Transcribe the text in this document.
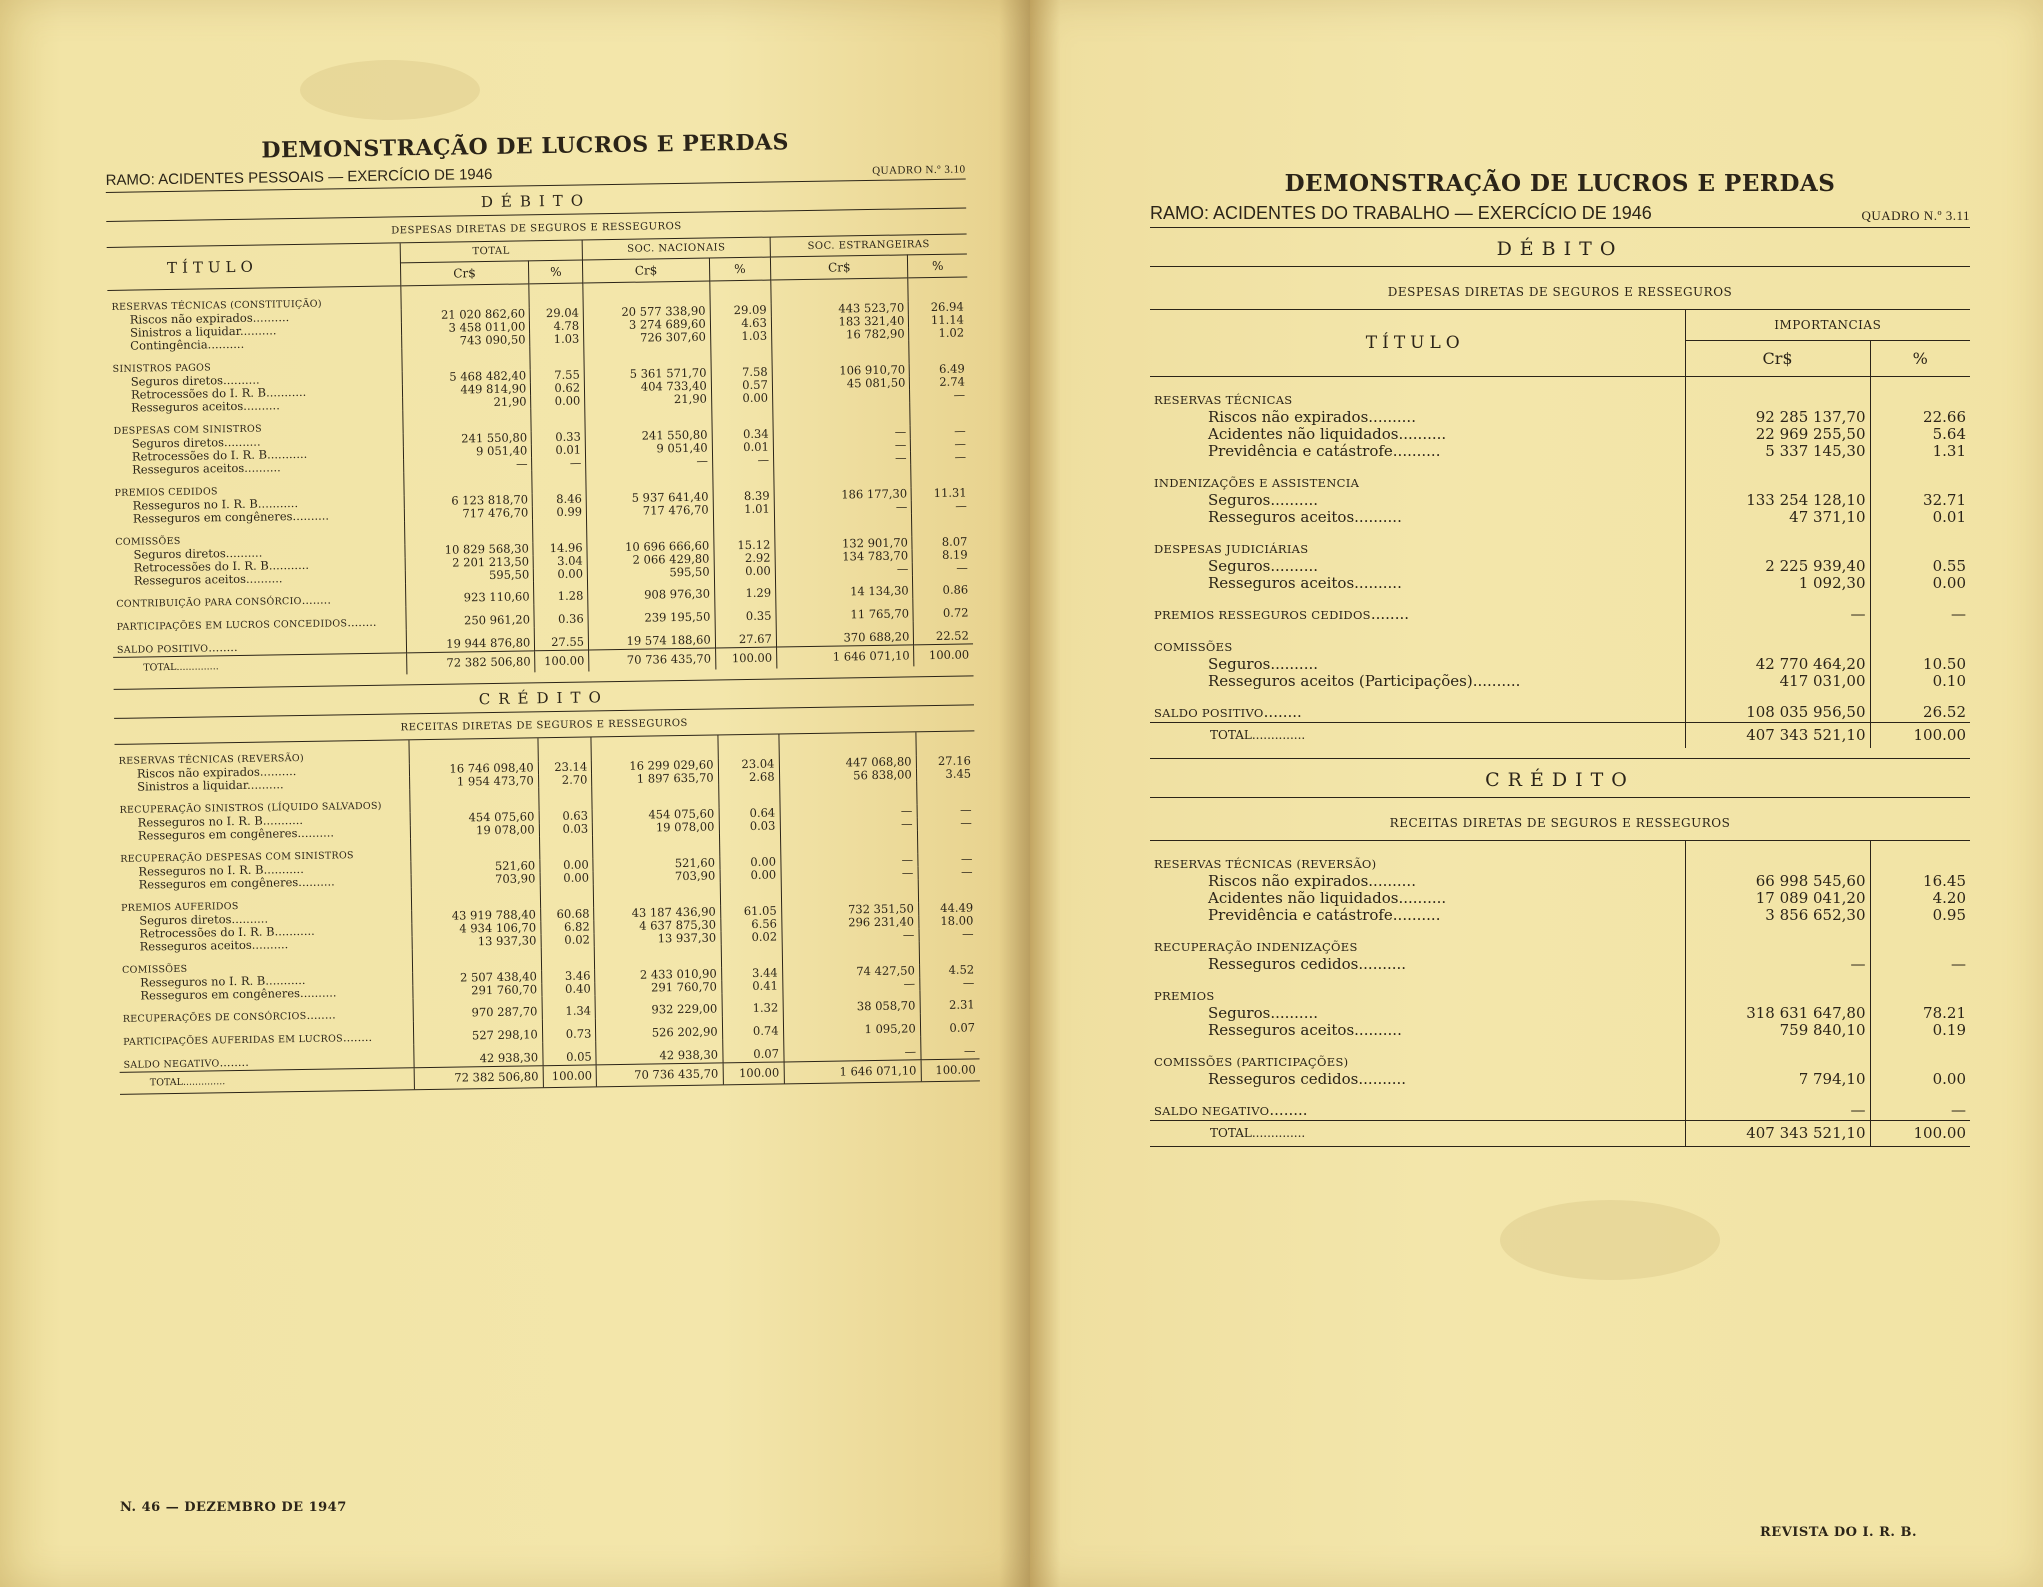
DEMONSTRAÇÃO DE LUCROS E PERDAS
RAMO: ACIDENTES PESSOAIS — EXERCÍCIO DE 1946	QUADRO N.º 3.10
DÉBITO
DESPESAS DIRETAS DE SEGUROS E RESSEGUROS
TÍTULO	TOTAL		SOC. NACIONAIS		SOC. ESTRANGEIRAS	
	Cr$	%	Cr$	%	Cr$	%
RESERVAS TÉCNICAS (CONSTITUIÇÃO)						
Riscos não expirados..........	21 020 862,60	29.04	20 577 338,90	29.09	443 523,70	26.94
Sinistros a liquidar..........	3 458 011,00	4.78	3 274 689,60	4.63	183 321,40	11.14
Contingência..........	743 090,50	1.03	726 307,60	1.03	16 782,90	1.02
SINISTROS PAGOS						
Seguros diretos..........	5 468 482,40	7.55	5 361 571,70	7.58	106 910,70	6.49
Retrocessões do I. R. B...........	449 814,90	0.62	404 733,40	0.57	45 081,50	2.74
Resseguros aceitos..........	21,90	0.00	21,90	0.00		—
DESPESAS COM SINISTROS						
Seguros diretos..........	241 550,80	0.33	241 550,80	0.34	—	—
Retrocessões do I. R. B...........	9 051,40	0.01	9 051,40	0.01	—	—
Resseguros aceitos..........	—	—	—	—	—	—
PREMIOS CEDIDOS						
Resseguros no I. R. B...........	6 123 818,70	8.46	5 937 641,40	8.39	186 177,30	11.31
Resseguros em congêneres..........	717 476,70	0.99	717 476,70	1.01	—	—
COMISSÕES						
Seguros diretos..........	10 829 568,30	14.96	10 696 666,60	15.12	132 901,70	8.07
Retrocessões do I. R. B...........	2 201 213,50	3.04	2 066 429,80	2.92	134 783,70	8.19
Resseguros aceitos..........	595,50	0.00	595,50	0.00	—	—
CONTRIBUIÇÃO PARA CONSÓRCIO........	923 110,60	1.28	908 976,30	1.29	14 134,30	0.86
PARTICIPAÇÕES EM LUCROS CONCEDIDOS........	250 961,20	0.36	239 195,50	0.35	11 765,70	0.72
SALDO POSITIVO........	19 944 876,80	27.55	19 574 188,60	27.67	370 688,20	22.52
TOTAL..............	72 382 506,80	100.00	70 736 435,70	100.00	1 646 071,10	100.00
CRÉDITO
RECEITAS DIRETAS DE SEGUROS E RESSEGUROS
RESERVAS TÉCNICAS (REVERSÃO)						
Riscos não expirados..........	16 746 098,40	23.14	16 299 029,60	23.04	447 068,80	27.16
Sinistros a liquidar..........	1 954 473,70	2.70	1 897 635,70	2.68	56 838,00	3.45
RECUPERAÇÃO SINISTROS (LÍQUIDO SALVADOS)						
Resseguros no I. R. B...........	454 075,60	0.63	454 075,60	0.64	—	—
Resseguros em congêneres..........	19 078,00	0.03	19 078,00	0.03	—	—
RECUPERAÇÃO DESPESAS COM SINISTROS						
Resseguros no I. R. B...........	521,60	0.00	521,60	0.00	—	—
Resseguros em congêneres..........	703,90	0.00	703,90	0.00	—	—
PREMIOS AUFERIDOS						
Seguros diretos..........	43 919 788,40	60.68	43 187 436,90	61.05	732 351,50	44.49
Retrocessões do I. R. B...........	4 934 106,70	6.82	4 637 875,30	6.56	296 231,40	18.00
Resseguros aceitos..........	13 937,30	0.02	13 937,30	0.02	—	—
COMISSÕES						
Resseguros no I. R. B...........	2 507 438,40	3.46	2 433 010,90	3.44	74 427,50	4.52
Resseguros em congêneres..........	291 760,70	0.40	291 760,70	0.41	—	—
RECUPERAÇÕES DE CONSÓRCIOS........	970 287,70	1.34	932 229,00	1.32	38 058,70	2.31
PARTICIPAÇÕES AUFERIDAS EM LUCROS........	527 298,10	0.73	526 202,90	0.74	1 095,20	0.07
SALDO NEGATIVO........	42 938,30	0.05	42 938,30	0.07	—	—
TOTAL..............	72 382 506,80	100.00	70 736 435,70	100.00	1 646 071,10	100.00
DEMONSTRAÇÃO DE LUCROS E PERDAS
RAMO: ACIDENTES DO TRABALHO — EXERCÍCIO DE 1946	QUADRO N.º 3.11
DÉBITO
DESPESAS DIRETAS DE SEGUROS E RESSEGUROS
TÍTULO	IMPORTANCIAS	
	Cr$	%
RESERVAS TÉCNICAS		
Riscos não expirados..........	92 285 137,70	22.66
Acidentes não liquidados..........	22 969 255,50	5.64
Previdência e catástrofe..........	5 337 145,30	1.31
INDENIZAÇÕES E ASSISTENCIA		
Seguros..........	133 254 128,10	32.71
Resseguros aceitos..........	47 371,10	0.01
DESPESAS JUDICIÁRIAS		
Seguros..........	2 225 939,40	0.55
Resseguros aceitos..........	1 092,30	0.00
PREMIOS RESSEGUROS CEDIDOS........	—	—
COMISSÕES		
Seguros..........	42 770 464,20	10.50
Resseguros aceitos (Participações)..........	417 031,00	0.10
SALDO POSITIVO........	108 035 956,50	26.52
TOTAL..............	407 343 521,10	100.00
CRÉDITO
RECEITAS DIRETAS DE SEGUROS E RESSEGUROS
RESERVAS TÉCNICAS (REVERSÃO)		
Riscos não expirados..........	66 998 545,60	16.45
Acidentes não liquidados..........	17 089 041,20	4.20
Previdência e catástrofe..........	3 856 652,30	0.95
RECUPERAÇÃO INDENIZAÇÕES		
Resseguros cedidos..........	—	—
PREMIOS		
Seguros..........	318 631 647,80	78.21
Resseguros aceitos..........	759 840,10	0.19
COMISSÕES (PARTICIPAÇÕES)		
Resseguros cedidos..........	7 794,10	0.00
SALDO NEGATIVO........	—	—
TOTAL..............	407 343 521,10	100.00
N. 46 — DEZEMBRO DE 1947
REVISTA DO I. R. B.
